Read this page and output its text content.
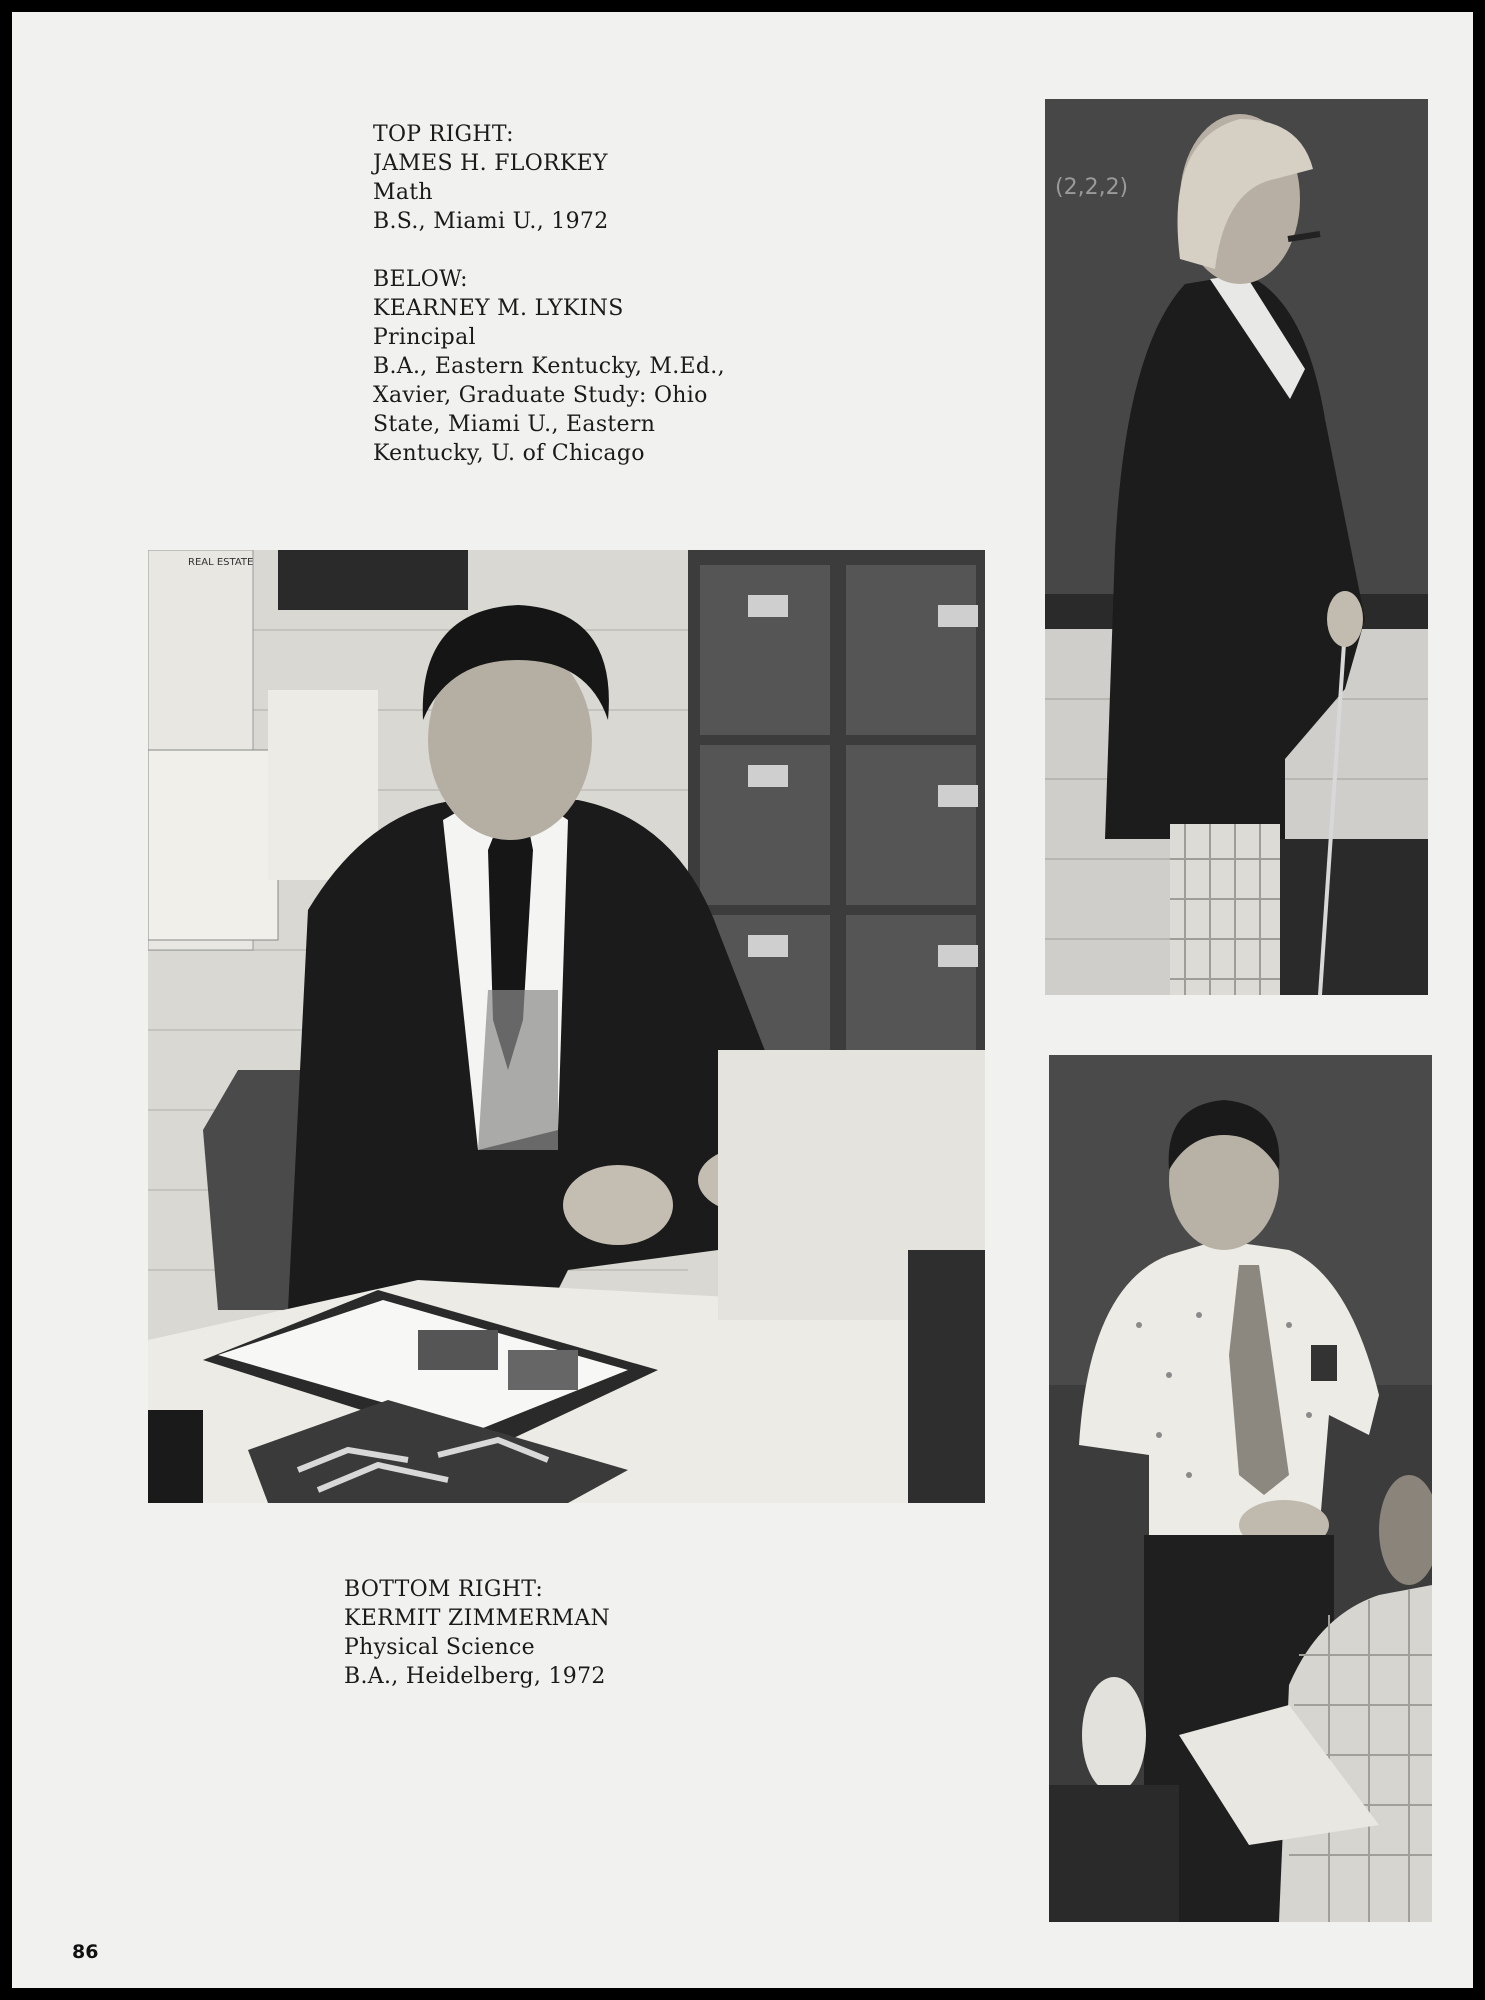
TOP RIGHT:
JAMES H. FLORKEY
Math
B.S., Miami U., 1972
BELOW:
KEARNEY M. LYKINS
Principal
B.A., Eastern Kentucky, M.Ed.,
Xavier, Graduate Study: Ohio
State, Miami U., Eastern
Kentucky, U. of Chicago
REAL ESTATE
(2,2,2)
BOTTOM RIGHT:
KERMIT ZIMMERMAN
Physical Science
B.A., Heidelberg, 1972
86
